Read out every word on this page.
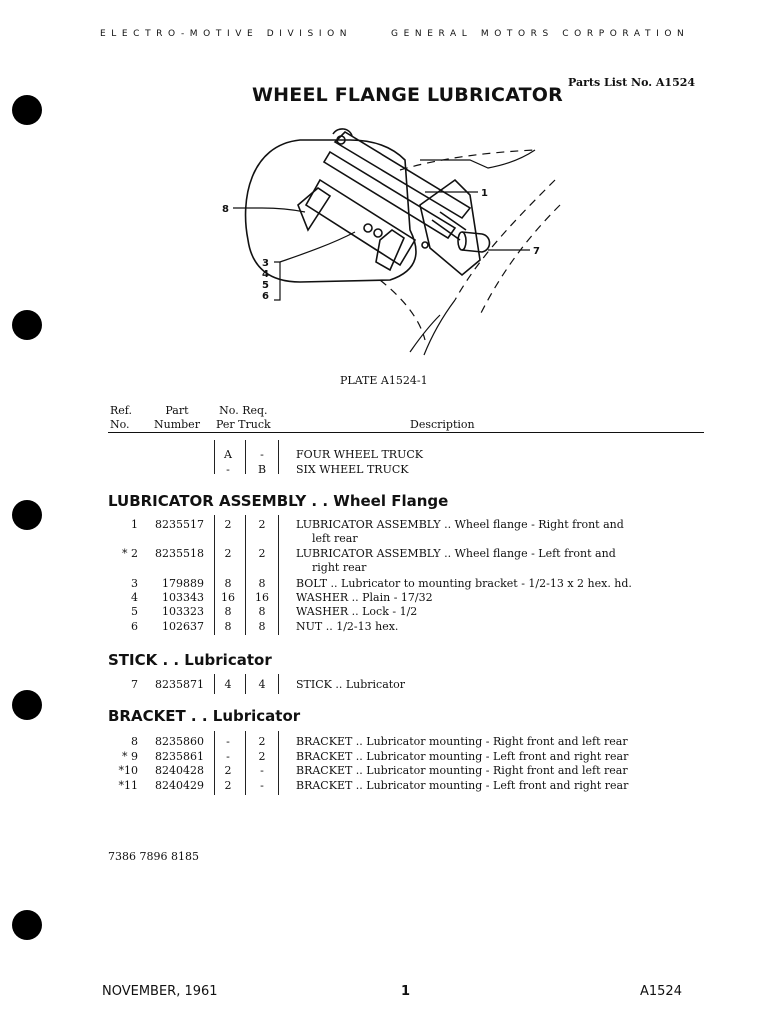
ELECTRO-MOTIVE DIVISION	GENERAL MOTORS CORPORATION
WHEEL FLANGE LUBRICATOR
Parts List No. A1524
8
1
7
3
4
5
6
PLATE A1524-1
Ref.
No.
Part
Number
No. Req.
Per Truck	Description
A	-	FOUR WHEEL TRUCK
-	B	SIX WHEEL TRUCK
LUBRICATOR ASSEMBLY . . Wheel Flange
1	8235517	2	2	LUBRICATOR ASSEMBLY .. Wheel flange - Right front and
left rear
* 2	8235518	2	2	LUBRICATOR ASSEMBLY .. Wheel flange - Left front and
right rear
3	179889	8	8	BOLT .. Lubricator to mounting bracket - 1/2-13 x 2 hex. hd.
4	103343	16	16	WASHER .. Plain - 17/32
5	103323	8	8	WASHER .. Lock - 1/2
6	102637	8	8	NUT .. 1/2-13 hex.
STICK . . Lubricator
7	8235871	4	4	STICK .. Lubricator
BRACKET . . Lubricator
8	8235860	-	2	BRACKET .. Lubricator mounting - Right front and left rear
* 9	8235861	-	2	BRACKET .. Lubricator mounting - Left front and right rear
*10	8240428	2	-	BRACKET .. Lubricator mounting - Right front and left rear
*11	8240429	2	-	BRACKET .. Lubricator mounting - Left front and right rear
7386 7896 8185
NOVEMBER, 1961	1	A1524
